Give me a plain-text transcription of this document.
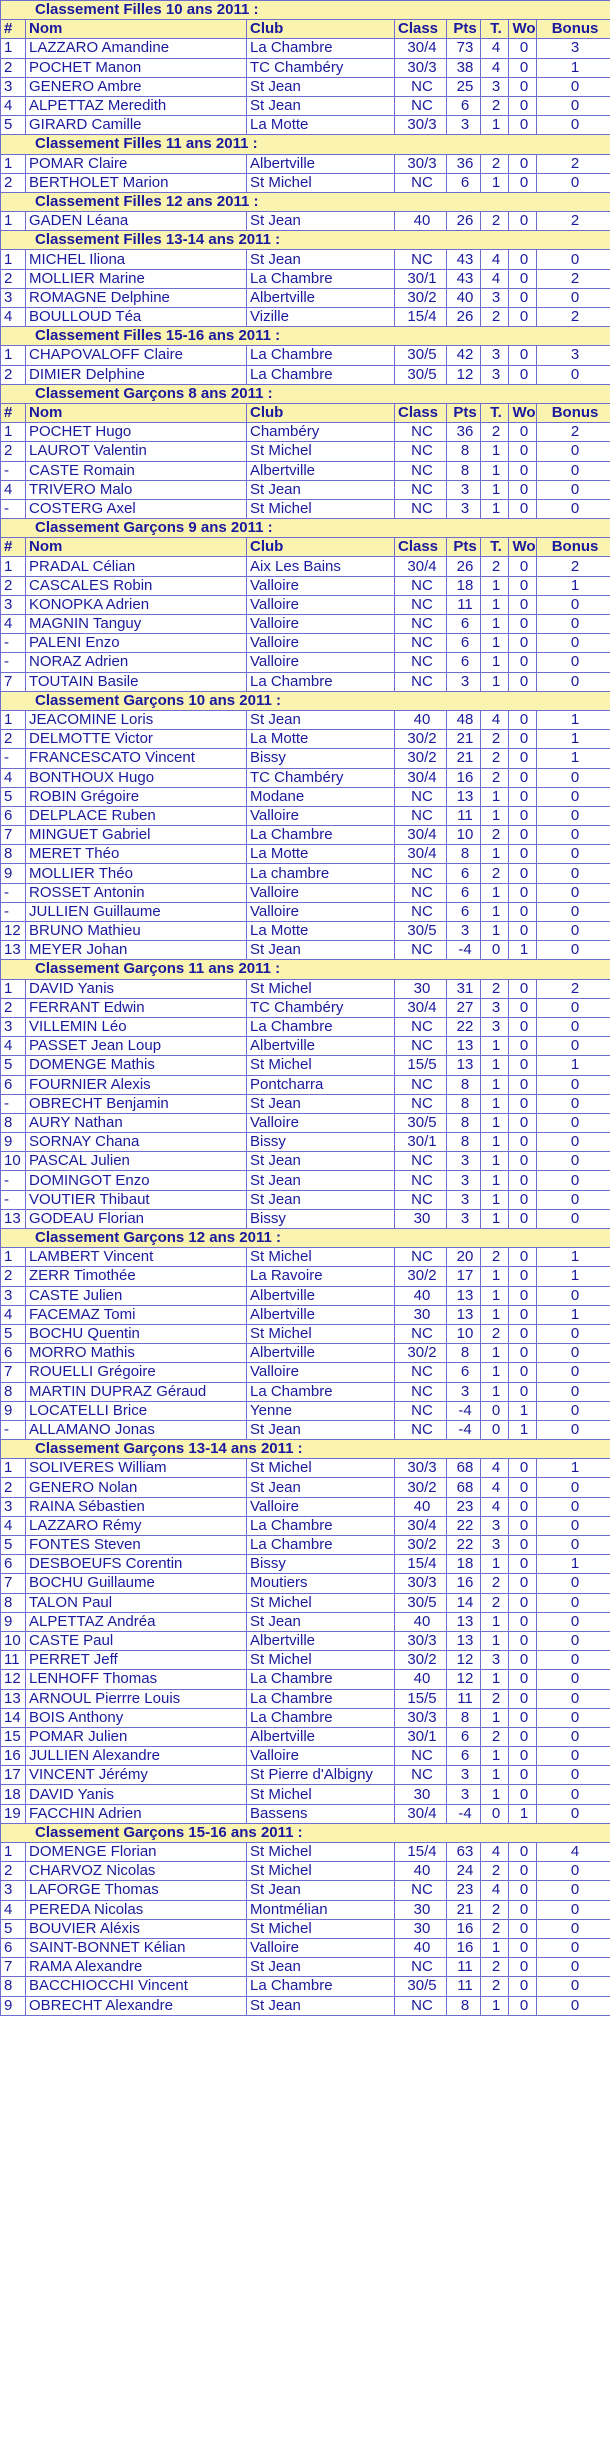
Classement Filles 10 ans 2011 :							
#	Nom	Club	Class	Pts	T.	Wo	Bonus
1	LAZZARO Amandine	La Chambre	30/4	73	4	0	3
2	POCHET Manon	TC Chambéry	30/3	38	4	0	1
3	GENERO Ambre	St Jean	NC	25	3	0	0
4	ALPETTAZ Meredith	St Jean	NC	6	2	0	0
5	GIRARD Camille	La Motte	30/3	3	1	0	0
Classement Filles 11 ans 2011 :							
1	POMAR Claire	Albertville	30/3	36	2	0	2
2	BERTHOLET Marion	St Michel	NC	6	1	0	0
Classement Filles 12 ans 2011 :							
1	GADEN Léana	St Jean	40	26	2	0	2
Classement Filles 13-14 ans 2011 :							
1	MICHEL Iliona	St Jean	NC	43	4	0	0
2	MOLLIER Marine	La Chambre	30/1	43	4	0	2
3	ROMAGNE Delphine	Albertville	30/2	40	3	0	0
4	BOULLOUD Téa	Vizille	15/4	26	2	0	2
Classement Filles 15-16 ans 2011 :							
1	CHAPOVALOFF Claire	La Chambre	30/5	42	3	0	3
2	DIMIER Delphine	La Chambre	30/5	12	3	0	0
Classement Garçons 8 ans 2011 :							
#	Nom	Club	Class	Pts	T.	Wo	Bonus
1	POCHET Hugo	Chambéry	NC	36	2	0	2
2	LAUROT Valentin	St Michel	NC	8	1	0	0
-	CASTE Romain	Albertville	NC	8	1	0	0
4	TRIVERO Malo	St Jean	NC	3	1	0	0
-	COSTERG Axel	St Michel	NC	3	1	0	0
Classement Garçons 9 ans 2011 :							
#	Nom	Club	Class	Pts	T.	Wo	Bonus
1	PRADAL Célian	Aix Les Bains	30/4	26	2	0	2
2	CASCALES Robin	Valloire	NC	18	1	0	1
3	KONOPKA Adrien	Valloire	NC	11	1	0	0
4	MAGNIN Tanguy	Valloire	NC	6	1	0	0
-	PALENI Enzo	Valloire	NC	6	1	0	0
-	NORAZ Adrien	Valloire	NC	6	1	0	0
7	TOUTAIN Basile	La Chambre	NC	3	1	0	0
Classement Garçons 10 ans 2011 :							
1	JEACOMINE Loris	St Jean	40	48	4	0	1
2	DELMOTTE Victor	La Motte	30/2	21	2	0	1
-	FRANCESCATO Vincent	Bissy	30/2	21	2	0	1
4	BONTHOUX Hugo	TC Chambéry	30/4	16	2	0	0
5	ROBIN Grégoire	Modane	NC	13	1	0	0
6	DELPLACE Ruben	Valloire	NC	11	1	0	0
7	MINGUET Gabriel	La Chambre	30/4	10	2	0	0
8	MERET Théo	La Motte	30/4	8	1	0	0
9	MOLLIER Théo	La chambre	NC	6	2	0	0
-	ROSSET Antonin	Valloire	NC	6	1	0	0
-	JULLIEN Guillaume	Valloire	NC	6	1	0	0
12	BRUNO Mathieu	La Motte	30/5	3	1	0	0
13	MEYER Johan	St Jean	NC	-4	0	1	0
Classement Garçons 11 ans 2011 :							
1	DAVID Yanis	St Michel	30	31	2	0	2
2	FERRANT Edwin	TC Chambéry	30/4	27	3	0	0
3	VILLEMIN Léo	La Chambre	NC	22	3	0	0
4	PASSET Jean Loup	Albertville	NC	13	1	0	0
5	DOMENGE Mathis	St Michel	15/5	13	1	0	1
6	FOURNIER Alexis	Pontcharra	NC	8	1	0	0
-	OBRECHT Benjamin	St Jean	NC	8	1	0	0
8	AURY Nathan	Valloire	30/5	8	1	0	0
9	SORNAY Chana	Bissy	30/1	8	1	0	0
10	PASCAL Julien	St Jean	NC	3	1	0	0
-	DOMINGOT Enzo	St Jean	NC	3	1	0	0
-	VOUTIER Thibaut	St Jean	NC	3	1	0	0
13	GODEAU Florian	Bissy	30	3	1	0	0
Classement Garçons 12 ans 2011 :							
1	LAMBERT Vincent	St Michel	NC	20	2	0	1
2	ZERR Timothée	La Ravoire	30/2	17	1	0	1
3	CASTE Julien	Albertville	40	13	1	0	0
4	FACEMAZ Tomi	Albertville	30	13	1	0	1
5	BOCHU Quentin	St Michel	NC	10	2	0	0
6	MORRO Mathis	Albertville	30/2	8	1	0	0
7	ROUELLI Grégoire	Valloire	NC	6	1	0	0
8	MARTIN DUPRAZ Géraud	La Chambre	NC	3	1	0	0
9	LOCATELLI Brice	Yenne	NC	-4	0	1	0
-	ALLAMANO Jonas	St Jean	NC	-4	0	1	0
Classement Garçons 13-14 ans 2011 :							
1	SOLIVERES William	St Michel	30/3	68	4	0	1
2	GENERO Nolan	St Jean	30/2	68	4	0	0
3	RAINA Sébastien	Valloire	40	23	4	0	0
4	LAZZARO Rémy	La Chambre	30/4	22	3	0	0
5	FONTES Steven	La Chambre	30/2	22	3	0	0
6	DESBOEUFS Corentin	Bissy	15/4	18	1	0	1
7	BOCHU Guillaume	Moutiers	30/3	16	2	0	0
8	TALON Paul	St Michel	30/5	14	2	0	0
9	ALPETTAZ Andréa	St Jean	40	13	1	0	0
10	CASTE Paul	Albertville	30/3	13	1	0	0
11	PERRET Jeff	St Michel	30/2	12	3	0	0
12	LENHOFF Thomas	La Chambre	40	12	1	0	0
13	ARNOUL Pierrre Louis	La Chambre	15/5	11	2	0	0
14	BOIS Anthony	La Chambre	30/3	8	1	0	0
15	POMAR Julien	Albertville	30/1	6	2	0	0
16	JULLIEN Alexandre	Valloire	NC	6	1	0	0
17	VINCENT Jérémy	St Pierre d'Albigny	NC	3	1	0	0
18	DAVID Yanis	St Michel	30	3	1	0	0
19	FACCHIN Adrien	Bassens	30/4	-4	0	1	0
Classement Garçons 15-16 ans 2011 :							
1	DOMENGE Florian	St Michel	15/4	63	4	0	4
2	CHARVOZ Nicolas	St Michel	40	24	2	0	0
3	LAFORGE Thomas	St Jean	NC	23	4	0	0
4	PEREDA Nicolas	Montmélian	30	21	2	0	0
5	BOUVIER Aléxis	St Michel	30	16	2	0	0
6	SAINT-BONNET Kélian	Valloire	40	16	1	0	0
7	RAMA Alexandre	St Jean	NC	11	2	0	0
8	BACCHIOCCHI Vincent	La Chambre	30/5	11	2	0	0
9	OBRECHT Alexandre	St Jean	NC	8	1	0	0
